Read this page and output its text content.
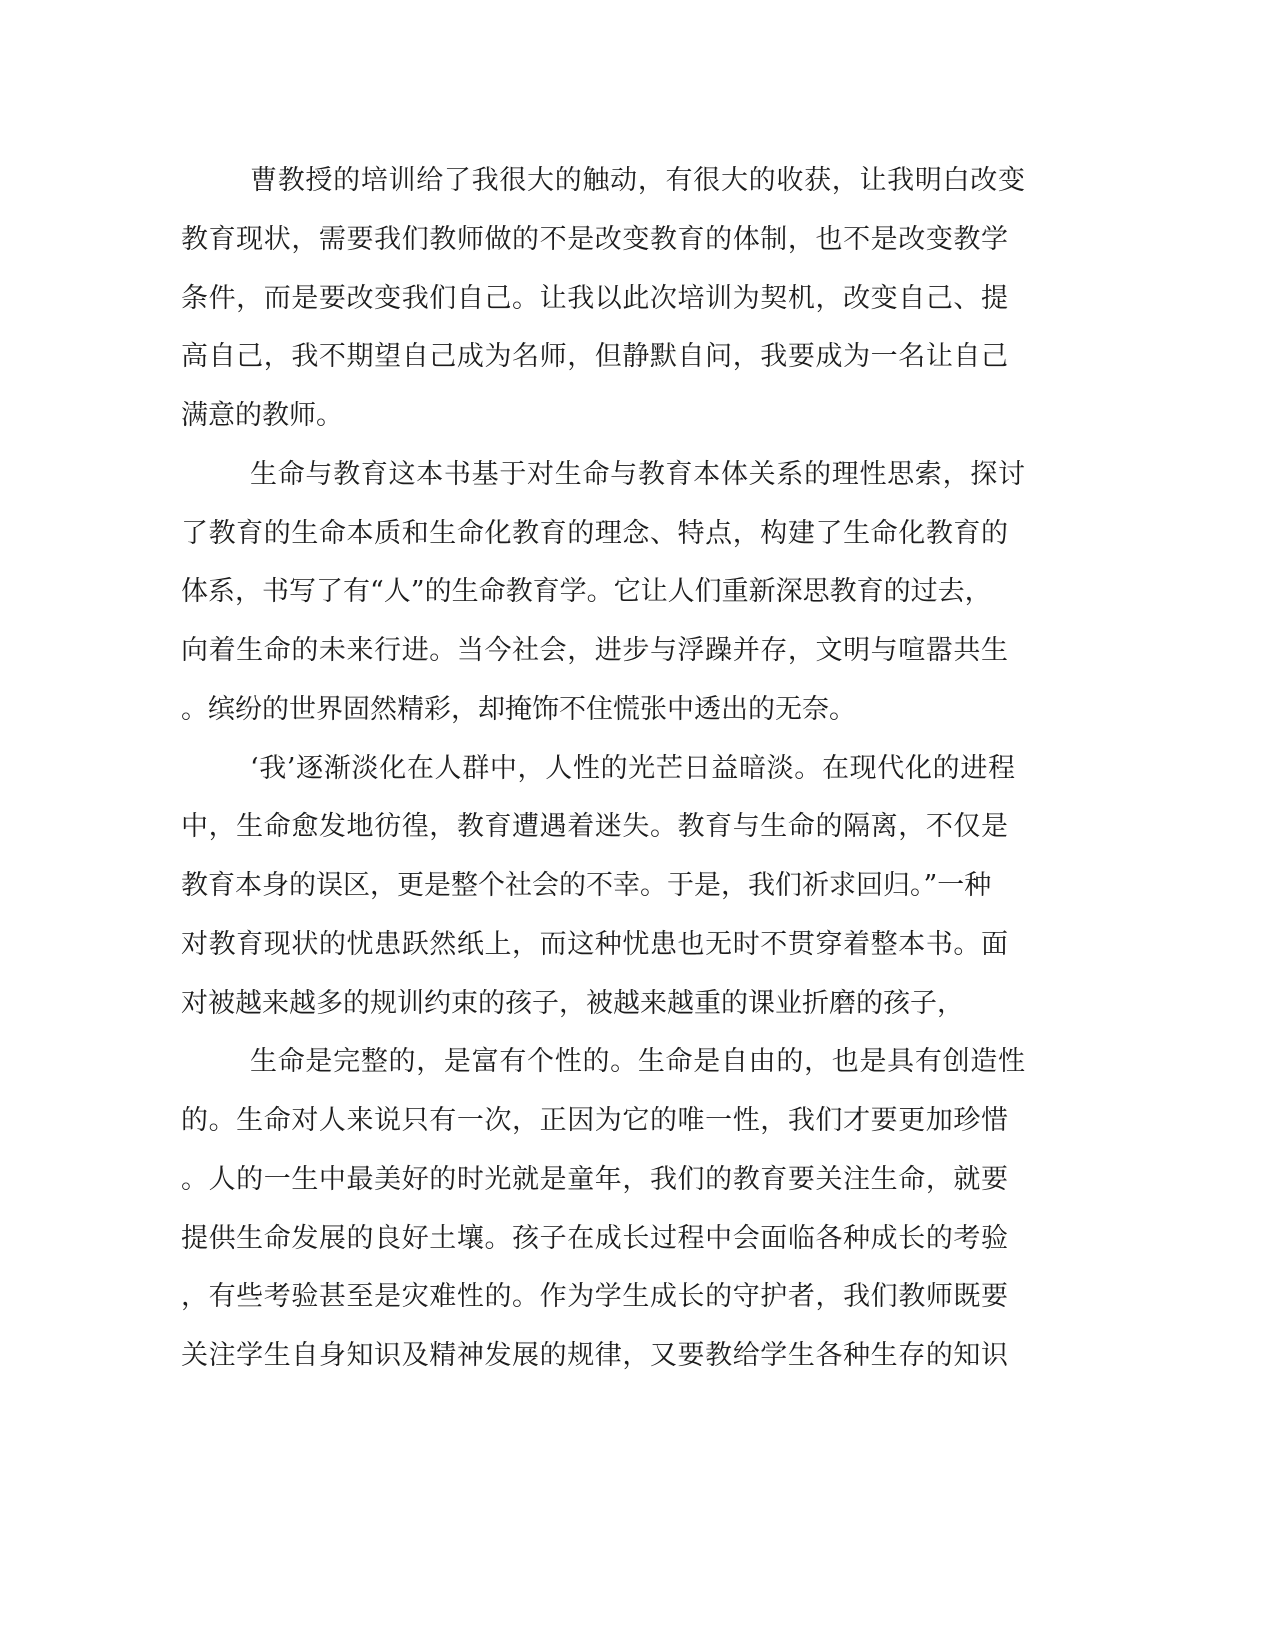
曹教授的培训给了我很大的触动，有很大的收获，让我明白改变
教育现状，需要我们教师做的不是改变教育的体制，也不是改变教学
条件，而是要改变我们自己。让我以此次培训为契机，改变自己、提
高自己，我不期望自己成为名师，但静默自问，我要成为一名让自己
满意的教师。
生命与教育这本书基于对生命与教育本体关系的理性思索，探讨
了教育的生命本质和生命化教育的理念、特点，构建了生命化教育的
体系，书写了有“人”的生命教育学。它让人们重新深思教育的过去，
向着生命的未来行进。当今社会，进步与浮躁并存，文明与喧嚣共生
。缤纷的世界固然精彩，却掩饰不住慌张中透出的无奈。
‘我’逐渐淡化在人群中，人性的光芒日益暗淡。在现代化的进程
中，生命愈发地彷徨，教育遭遇着迷失。教育与生命的隔离，不仅是
教育本身的误区，更是整个社会的不幸。于是，我们祈求回归。”一种
对教育现状的忧患跃然纸上，而这种忧患也无时不贯穿着整本书。面
对被越来越多的规训约束的孩子，被越来越重的课业折磨的孩子，
生命是完整的，是富有个性的。生命是自由的，也是具有创造性
的。生命对人来说只有一次，正因为它的唯一性，我们才要更加珍惜
。人的一生中最美好的时光就是童年，我们的教育要关注生命，就要
提供生命发展的良好土壤。孩子在成长过程中会面临各种成长的考验
，有些考验甚至是灾难性的。作为学生成长的守护者，我们教师既要
关注学生自身知识及精神发展的规律，又要教给学生各种生存的知识
